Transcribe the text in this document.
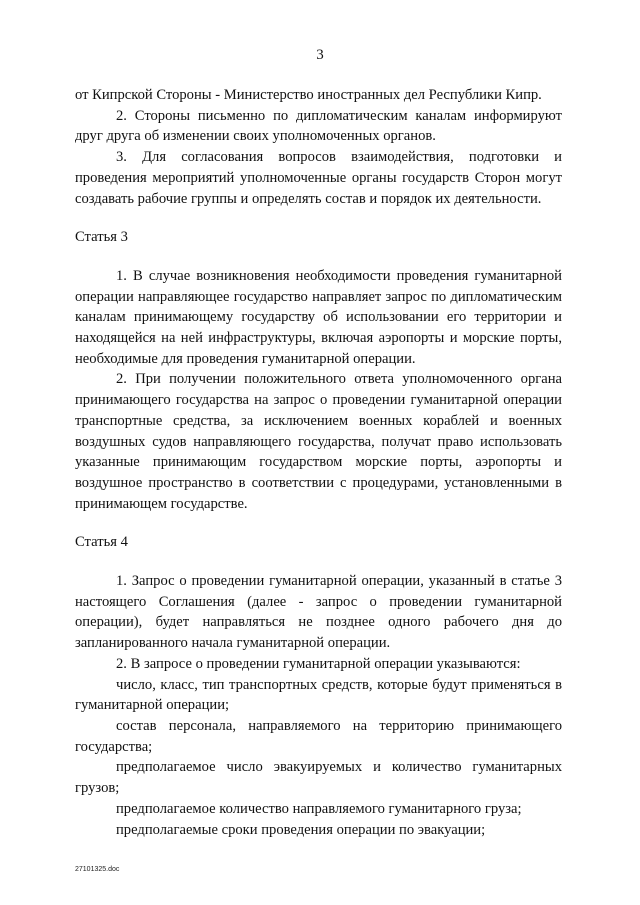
3

от Кипрской Стороны - Министерство иностранных дел Республики Кипр.

2. Стороны письменно по дипломатическим каналам информируют друг друга об изменении своих уполномоченных органов.

3. Для согласования вопросов взаимодействия, подготовки и проведения мероприятий уполномоченные органы государств Сторон могут создавать рабочие группы и определять состав и порядок их деятельности.

Статья 3

1. В случае возникновения необходимости проведения гуманитарной операции направляющее государство направляет запрос по дипломатическим каналам принимающему государству об использовании его территории и находящейся на ней инфраструктуры, включая аэропорты и морские порты, необходимые для проведения гуманитарной операции.

2. При получении положительного ответа уполномоченного органа принимающего государства на запрос о проведении гуманитарной операции транспортные средства, за исключением военных кораблей и военных воздушных судов направляющего государства, получат право использовать указанные принимающим государством морские порты, аэропорты и воздушное пространство в соответствии с процедурами, установленными в принимающем государстве.

Статья 4

1. Запрос о проведении гуманитарной операции, указанный в статье 3 настоящего Соглашения (далее - запрос о проведении гуманитарной операции), будет направляться не позднее одного рабочего дня до запланированного начала гуманитарной операции.

2. В запросе о проведении гуманитарной операции указываются:

число, класс, тип транспортных средств, которые будут применяться в гуманитарной операции;

состав персонала, направляемого на территорию принимающего государства;

предполагаемое число эвакуируемых и количество гуманитарных грузов;

предполагаемое количество направляемого гуманитарного груза;

предполагаемые сроки проведения операции по эвакуации;

27101325.doc
